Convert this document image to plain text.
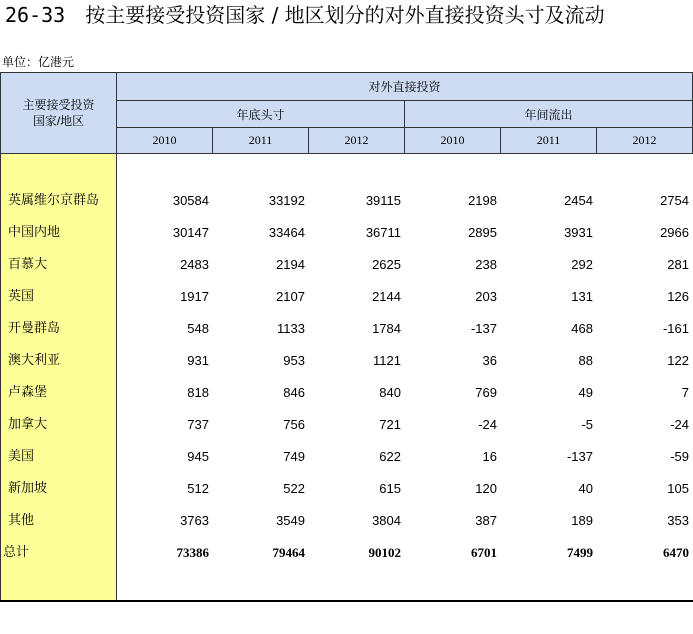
26-33 按主要接受投资国家 / 地区划分的对外直接投资头寸及流动
单位：亿港元
主要接受投资
国家/地区
对外直接投资
年底头寸	年间流出
2010	2011	2012	2010	2011	2012
英属维尔京群岛	30584	33192	39115	2198	2454	2754
中国内地	30147	33464	36711	2895	3931	2966
百慕大	2483	2194	2625	238	292	281
英国	1917	2107	2144	203	131	126
开曼群岛	548	1133	1784	-137	468	-161
澳大利亚	931	953	1121	36	88	122
卢森堡	818	846	840	769	49	7
加拿大	737	756	721	-24	-5	-24
美国	945	749	622	16	-137	-59
新加坡	512	522	615	120	40	105
其他	3763	3549	3804	387	189	353
总计	73386	79464	90102	6701	7499	6470
